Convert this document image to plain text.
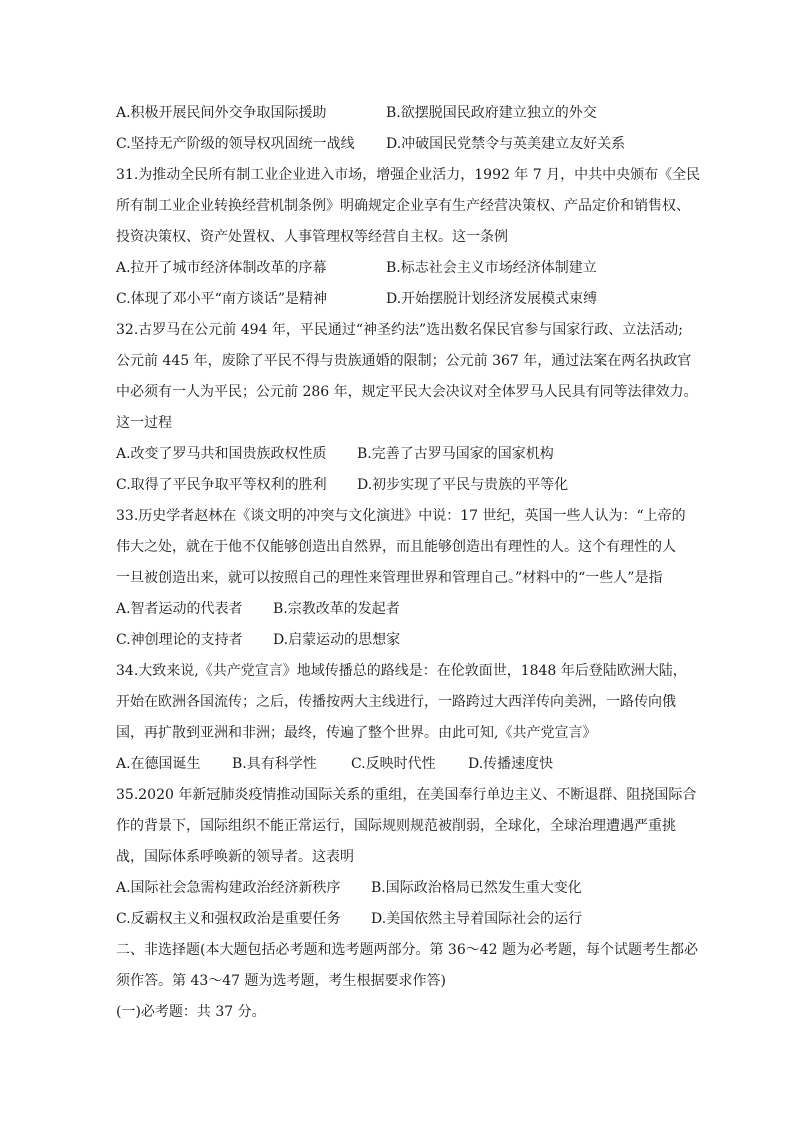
A.积极开展民间外交争取国际援助	B.欲摆脱国民政府建立独立的外交
C.坚持无产阶级的领导权巩固统一战线 D.冲破国民党禁令与英美建立友好关系
31.为推动全民所有制工业企业进入市场，增强企业活力，1992 年 7 月，中共中央颁布《全民
所有制工业企业转换经营机制条例》明确规定企业享有生产经营决策权、产品定价和销售权、
投资决策权、资产处置权、人事管理权等经营自主权。这一条例
A.拉开了城市经济体制改革的序幕	B.标志社会主义市场经济体制建立
C.体现了邓小平“南方谈话”是精神	D.开始摆脱计划经济发展模式束缚
32.古罗马在公元前 494 年，平民通过“神圣约法”选出数名保民官参与国家行政、立法活动;
公元前 445 年，废除了平民不得与贵族通婚的限制；公元前 367 年，通过法案在两名执政官
中必须有一人为平民；公元前 286 年，规定平民大会决议对全体罗马人民具有同等法律效力。
这一过程
A.改变了罗马共和国贵族政权性质 B.完善了古罗马国家的国家机构
C.取得了平民争取平等权利的胜利 D.初步实现了平民与贵族的平等化
33.历史学者赵林在《谈文明的冲突与文化演进》中说：17 世纪，英国一些人认为：“上帝的
伟大之处，就在于他不仅能够创造出自然界，而且能够创造出有理性的人。这个有理性的人
一旦被创造出来，就可以按照自己的理性来管理世界和管理自己。”材料中的“一些人”是指
A.智者运动的代表者 B.宗教改革的发起者
C.神创理论的支持者 D.启蒙运动的思想家
34.大致来说,《共产党宣言》地域传播总的路线是：在伦敦面世，1848 年后登陆欧洲大陆，
开始在欧洲各国流传；之后，传播按两大主线进行，一路跨过大西洋传向美洲，一路传向俄
国，再扩散到亚洲和非洲；最终，传遍了整个世界。由此可知,《共产党宣言》
A.在德国诞生 B.具有科学性 C.反映时代性 D.传播速度快
35.2020 年新冠肺炎疫情推动国际关系的重组，在美国奉行单边主义、不断退群、阻挠国际合
作的背景下，国际组织不能正常运行，国际规则规范被削弱，全球化，全球治理遭遇严重挑
战，国际体系呼唤新的领导者。这表明
A.国际社会急需构建政治经济新秩序 B.国际政治格局已然发生重大变化
C.反霸权主义和强权政治是重要任务 D.美国依然主导着国际社会的运行
二、非选择题(本大题包括必考题和选考题两部分。第 36～42 题为必考题，每个试题考生都必
须作答。第 43～47 题为选考题，考生根据要求作答)
(一)必考题：共 37 分。
